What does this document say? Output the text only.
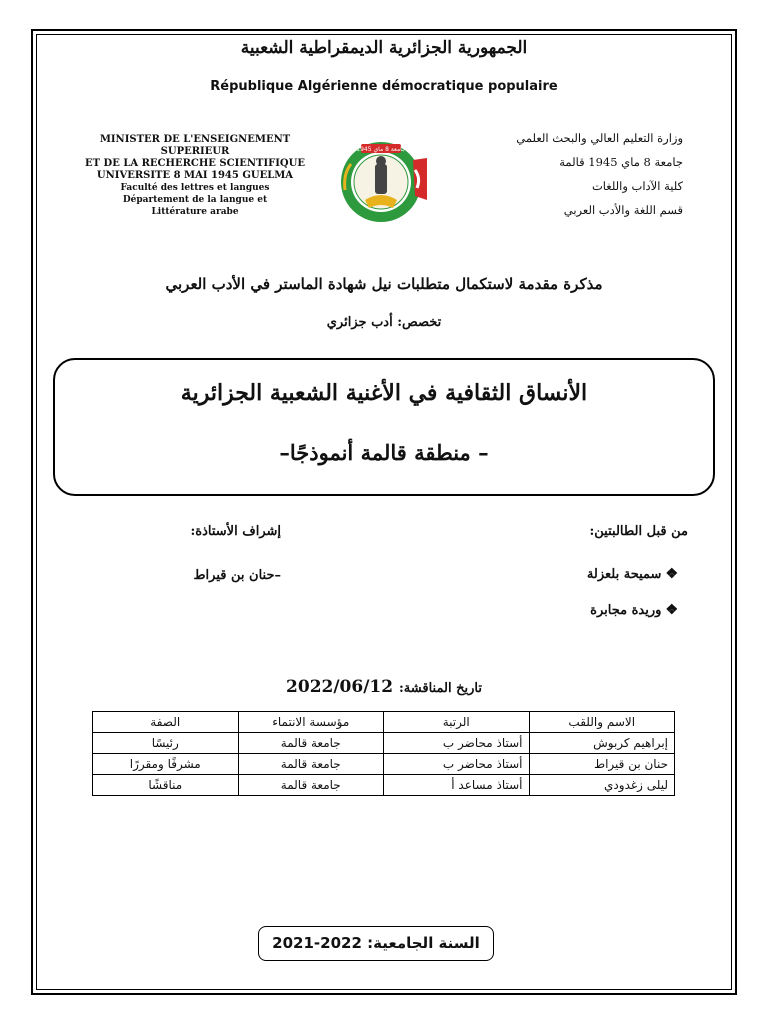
الجمهورية الجزائرية الديمقراطية الشعبية
République Algérienne démocratique populaire
MINISTER DE L'ENSEIGNEMENT
SUPERIEUR
ET DE LA RECHERCHE SCIENTIFIQUE
UNIVERSITE 8 MAI 1945 GUELMA
Faculté des lettres et langues
Département de la langue et
Littérature arabe
جامعة 8 ماي 1945
وزارة التعليم العالي والبحث العلمي
جامعة 8 ماي 1945 قالمة
كلية الآداب واللغات
قسم اللغة والأدب العربي
مذكرة مقدمة لاستكمال متطلبات نيل شهادة الماستر في الأدب العربي
تخصص: أدب جزائري
الأنساق الثقافية في الأغنية الشعبية الجزائرية
– منطقة قالمة أنموذجًا–
من قبل الطالبتين:
❖سميحة بلعزلة
❖وريدة مجابرة
إشراف الأستاذة:
–حنان بن قيراط
تاريخ المناقشة: 2022/06/12
الاسم واللقب	الرتبة	مؤسسة الانتماء	الصفة
إبراهيم كربوش	أستاذ محاضر ب	جامعة قالمة	رئيسًا
حنان بن قيراط	أستاذ محاضر ب	جامعة قالمة	مشرفًا ومقررًا
ليلى زغدودي	أستاذ مساعد أ	جامعة قالمة	مناقشًا
السنة الجامعية: 2021-2022
